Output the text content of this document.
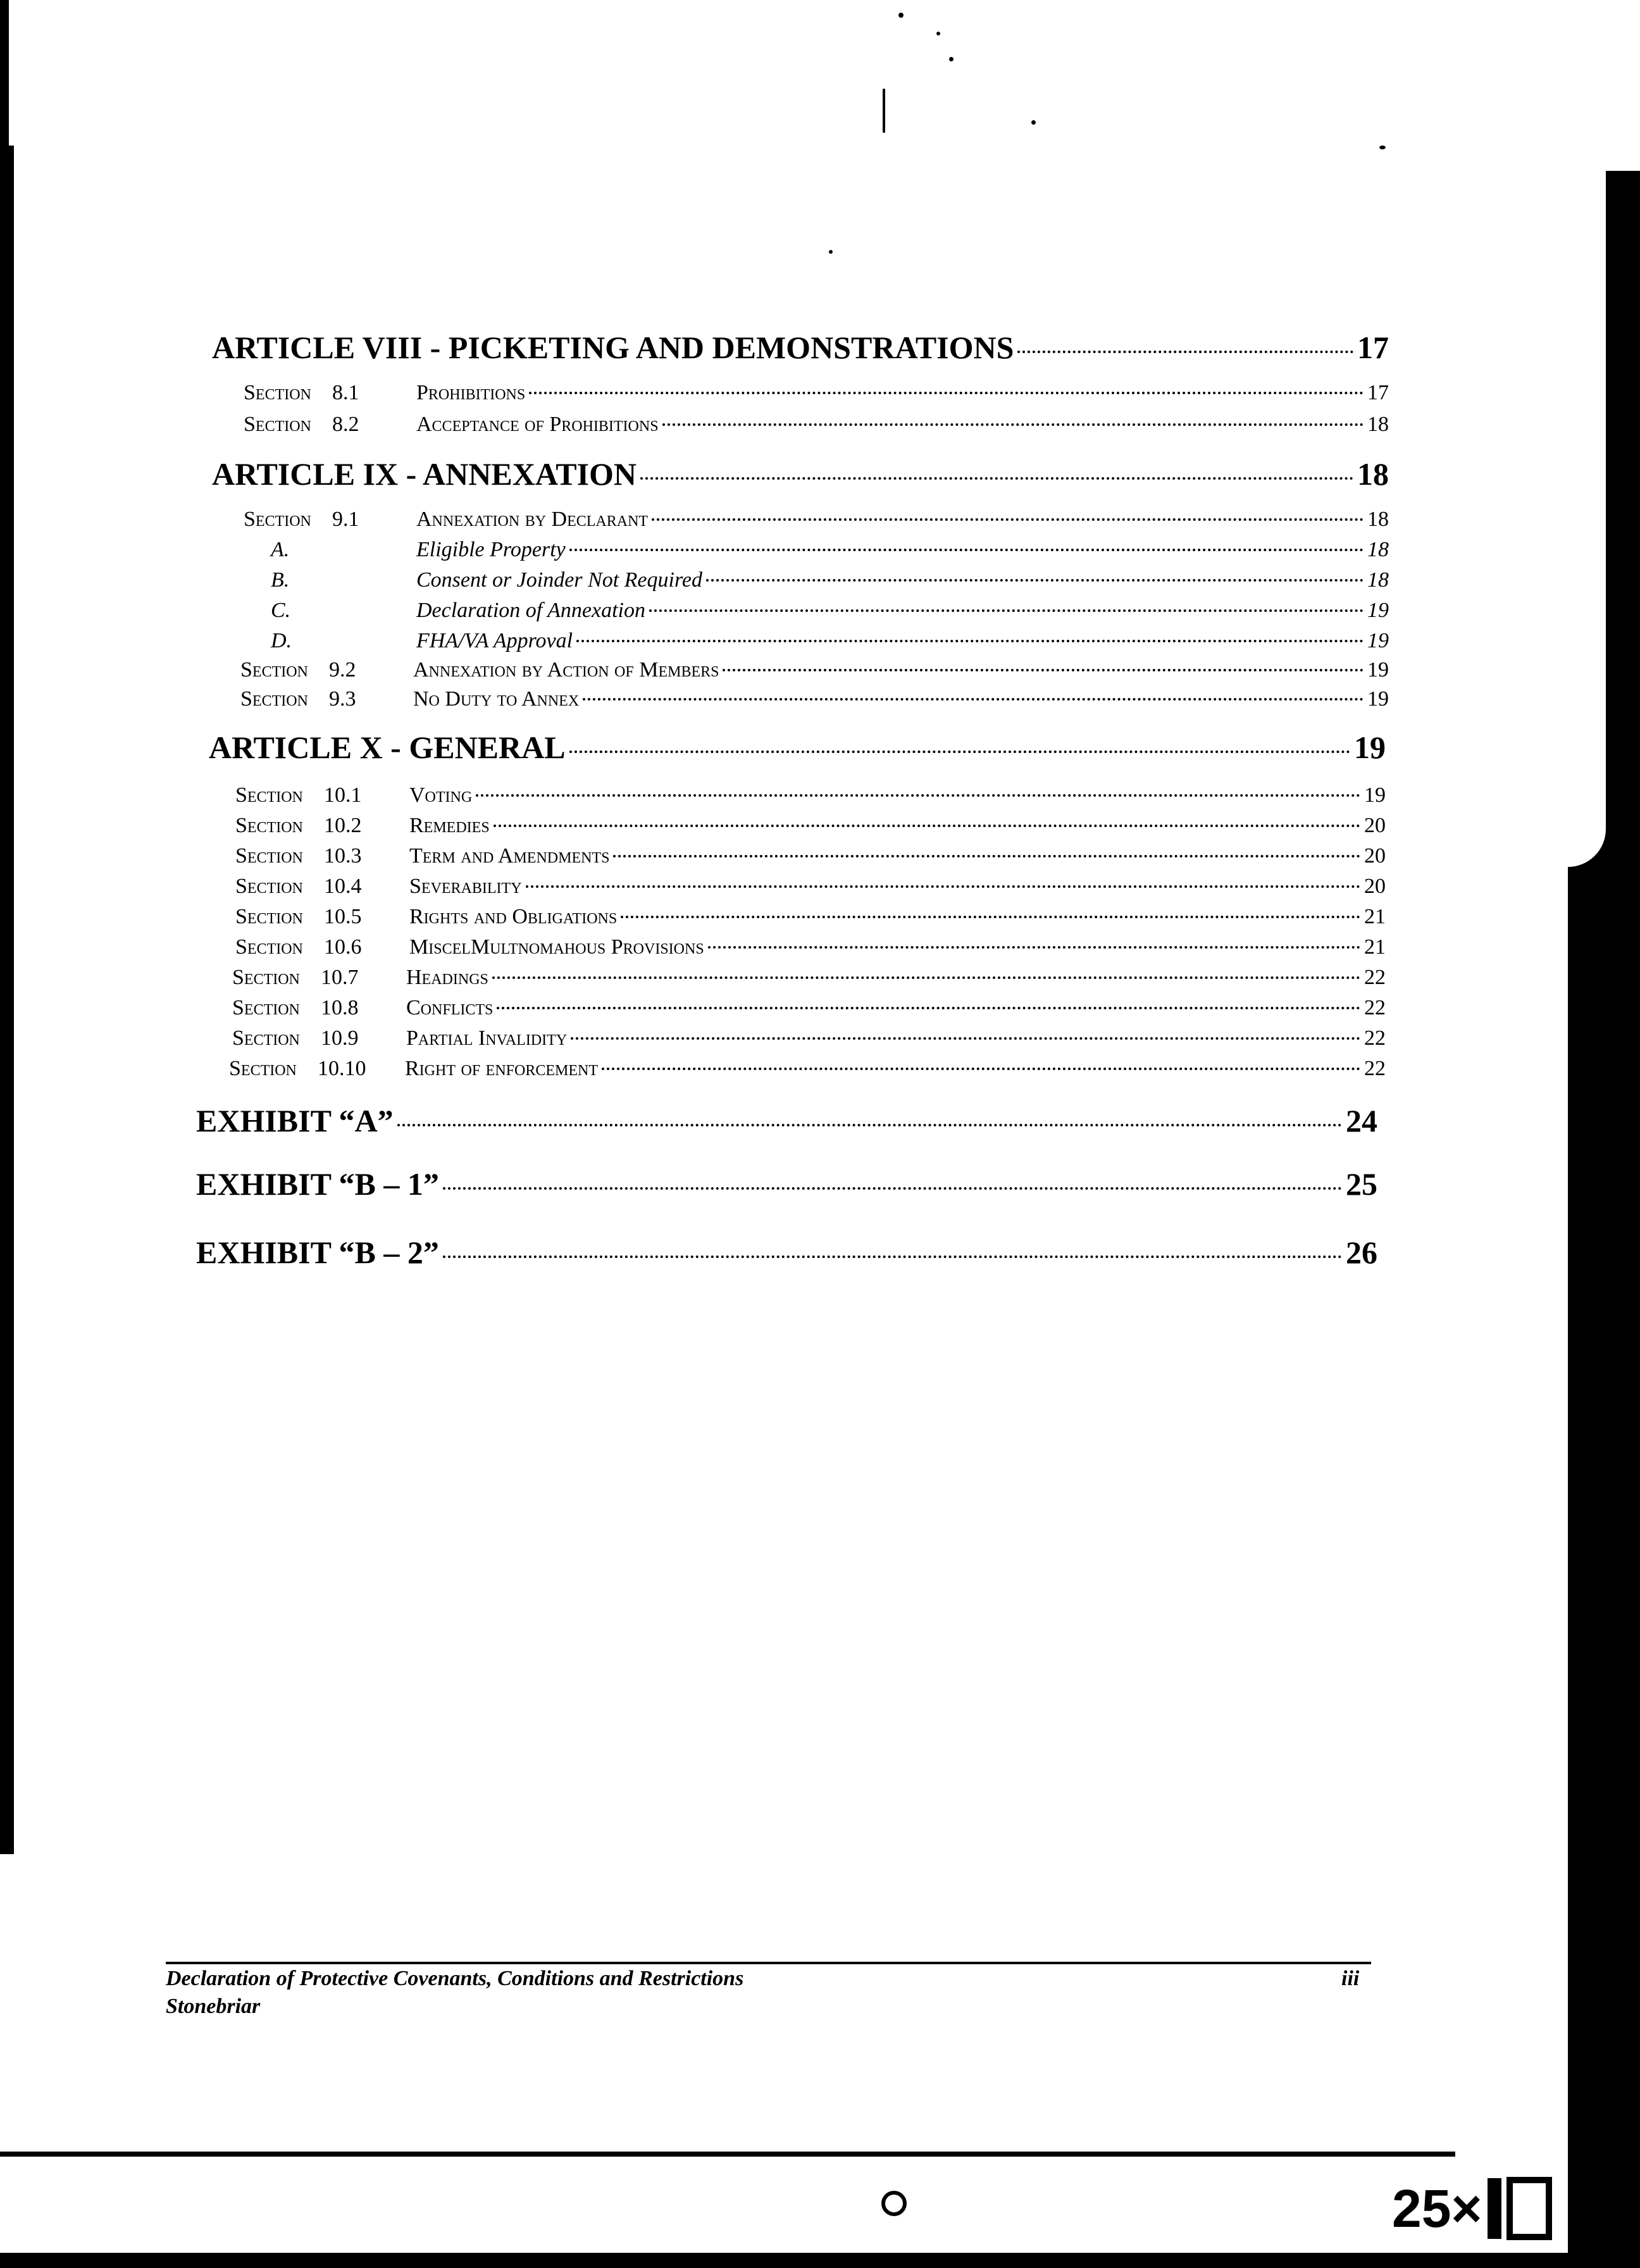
ARTICLE VIII - PICKETING AND DEMONSTRATIONS	17
Section 8.1	Prohibitions	17
Section 8.2	Acceptance of Prohibitions	18
ARTICLE IX - ANNEXATION	18
Section 9.1	Annexation by Declarant	18
A.	Eligible Property	18
B.	Consent or Joinder Not Required	18
C.	Declaration of Annexation	19
D.	FHA/VA Approval	19
Section 9.2	Annexation by Action of Members	19
Section 9.3	No Duty to Annex	19
ARTICLE X - GENERAL	19
Section 10.1	Voting	19
Section 10.2	Remedies	20
Section 10.3	Term and Amendments	20
Section 10.4	Severability	20
Section 10.5	Rights and Obligations	21
Section 10.6	MiscelMultnomahous Provisions	21
Section 10.7	Headings	22
Section 10.8	Conflicts	22
Section 10.9	Partial Invalidity	22
Section 10.10	Right of enforcement	22
EXHIBIT “A”	24
EXHIBIT “B – 1”	25
EXHIBIT “B – 2”	26
Declaration of Protective Covenants, Conditions and Restrictions
Stonebriar
iii
25×
